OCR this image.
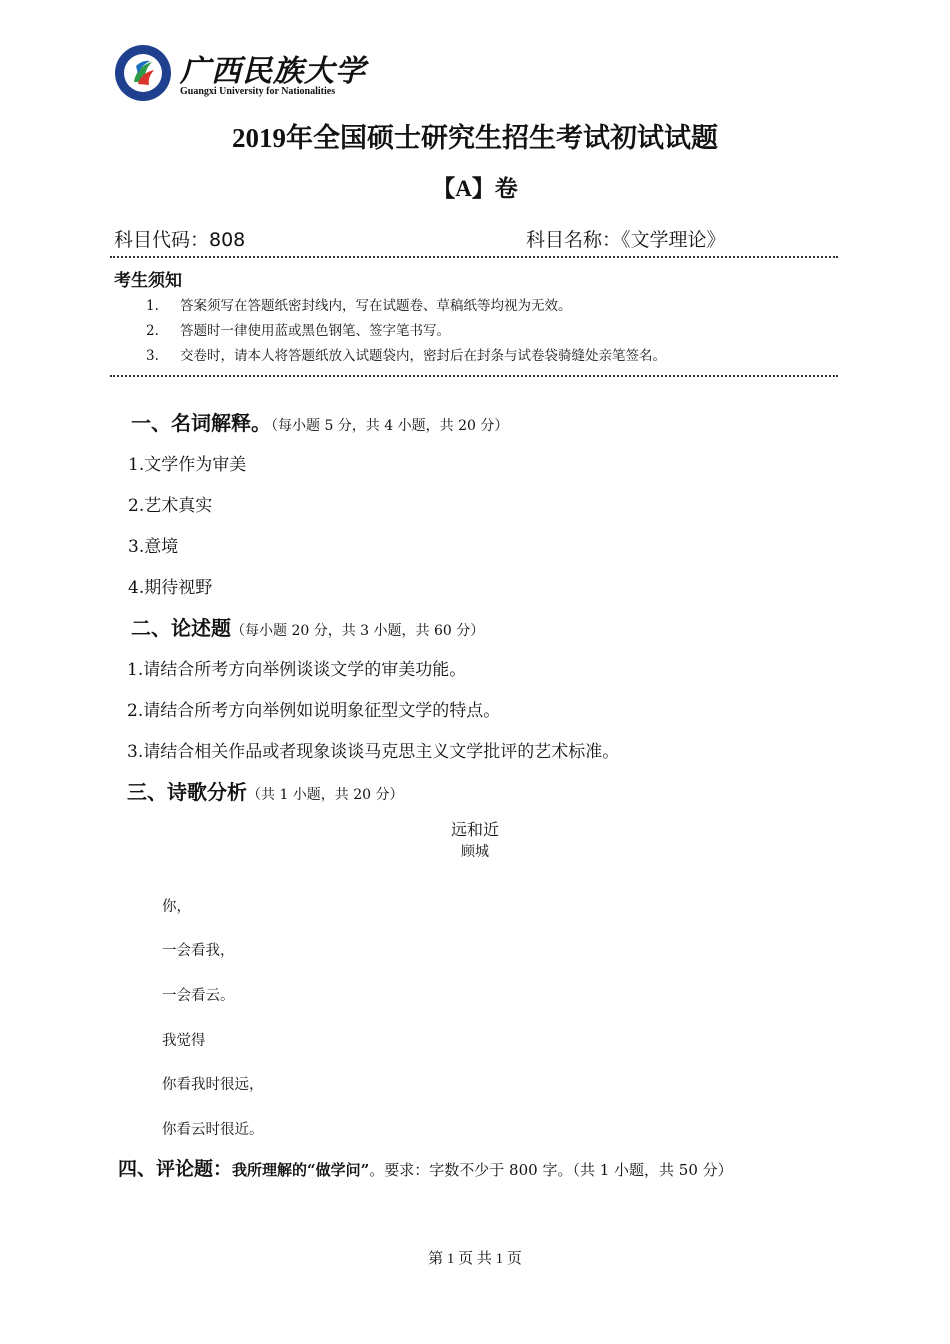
广西民族大学
Guangxi University for Nationalities
2019年全国硕士研究生招生考试初试试题
【A】卷
科目代码：808	科目名称：《文学理论》
考生须知
1. 答案须写在答题纸密封线内，写在试题卷、草稿纸等均视为无效。
2. 答题时一律使用蓝或黑色钢笔、签字笔书写。
3. 交卷时，请本人将答题纸放入试题袋内，密封后在封条与试卷袋骑缝处亲笔签名。
一、名词解释。（每小题 5 分，共 4 小题，共 20 分）
1.文学作为审美
2.艺术真实
3.意境
4.期待视野
二、论述题（每小题 20 分，共 3 小题，共 60 分）
1.请结合所考方向举例谈谈文学的审美功能。
2.请结合所考方向举例如说明象征型文学的特点。
3.请结合相关作品或者现象谈谈马克思主义文学批评的艺术标准。
三、诗歌分析（共 1 小题，共 20 分）
远和近
顾城
你，
一会看我，
一会看云。
我觉得
你看我时很远，
你看云时很近。
四、评论题：我所理解的“做学问”。要求：字数不少于 800 字。（共 1 小题，共 50 分）
第 1 页 共 1 页
